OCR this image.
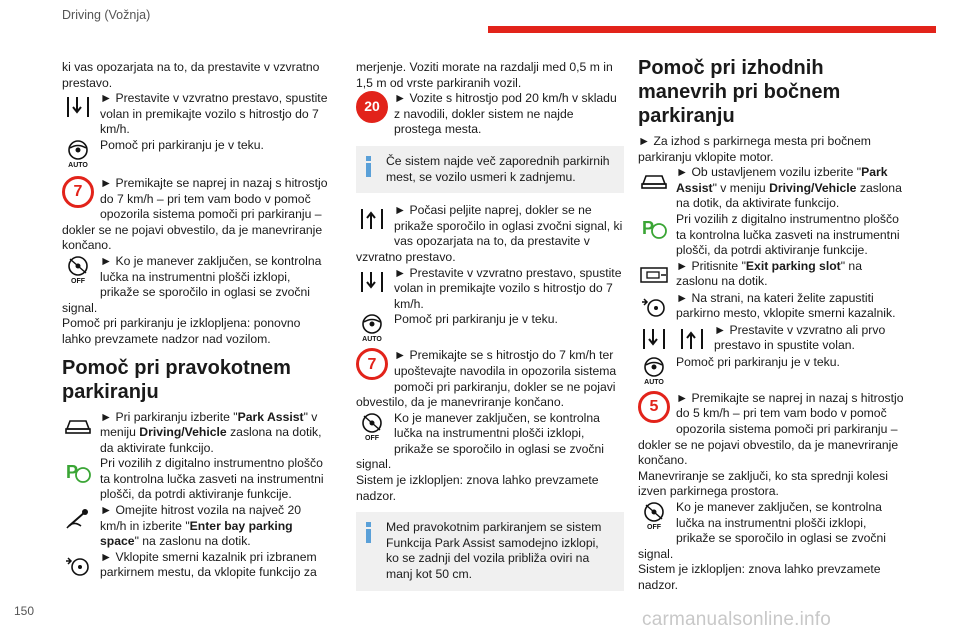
Driving (Vožnja)

ki vas opozarjata na to, da prestavite v vzvratno prestavo.

► Prestavite v vzvratno prestavo, spustite volan in premikajte vozilo s hitrostjo do 7 km/h.
AUTO
Pomoč pri parkiranju je v teku.
7
► Premikajte se naprej in nazaj s hitrostjo do 7 km/h – pri tem vam bodo v pomoč opozorila sistema pomoči pri parkiranju – dokler se ne pojavi obvestilo, da je manevriranje končano.
OFF
► Ko je manever zaključen, se kontrolna lučka na instrumentni plošči izklopi, prikaže se sporočilo in oglasi se zvočni signal.

Pomoč pri parkiranju je izklopljena: ponovno lahko prevzamete nadzor nad vozilom.

Pomoč pri pravokotnem parkiranju
► Pri parkiranju izberite "Park Assist" v meniju Driving/Vehicle zaslona na dotik, da aktivirate funkcijo.
P Pri vozilih z digitalno instrumentno ploščo ta kontrolna lučka zasveti na instrumentni plošči, da potrdi aktiviranje funkcije.
► Omejite hitrost vozila na največ 20 km/h in izberite "Enter bay parking space" na zaslonu na dotik.
► Vklopite smerni kazalnik pri izbranem parkirnem mestu, da vklopite funkcijo za

merjenje. Voziti morate na razdalji med 0,5 m in 1,5 m od vrste parkiranih vozil.

20
► Vozite s hitrostjo pod 20 km/h v skladu z navodili, dokler sistem ne najde prostega mesta.
Če sistem najde več zaporednih parkirnih mest, se vozilo usmeri k zadnjemu.
► Počasi peljite naprej, dokler se ne prikaže sporočilo in oglasi zvočni signal, ki vas opozarjata na to, da prestavite v vzvratno prestavo.
► Prestavite v vzvratno prestavo, spustite volan in premikajte vozilo s hitrostjo do 7 km/h.
AUTO
Pomoč pri parkiranju je v teku.
7
► Premikajte se s hitrostjo do 7 km/h ter upoštevajte navodila in opozorila sistema pomoči pri parkiranju, dokler se ne pojavi obvestilo, da je manevriranje končano.
OFF
Ko je manever zaključen, se kontrolna lučka na instrumentni plošči izklopi, prikaže se sporočilo in oglasi se zvočni signal.

Sistem je izklopljen: znova lahko prevzamete nadzor.

Med pravokotnim parkiranjem se sistem Funkcija Park Assist samodejno izklopi, ko se zadnji del vozila približa oviri na manj kot 50 cm.
Pomoč pri izhodnih manevrih pri bočnem parkiranju

► Za izhod s parkirnega mesta pri bočnem parkiranju vklopite motor.

► Ob ustavljenem vozilu izberite "Park Assist" v meniju Driving/Vehicle zaslona na dotik, da aktivirate funkcijo.
P Pri vozilih z digitalno instrumentno ploščo ta kontrolna lučka zasveti na instrumentni plošči, da potrdi aktiviranje funkcije.
► Pritisnite "Exit parking slot" na zaslonu na dotik.
► Na strani, na kateri želite zapustiti parkirno mesto, vklopite smerni kazalnik.
► Prestavite v vzvratno ali prvo prestavo in spustite volan.
AUTO
Pomoč pri parkiranju je v teku.
5
► Premikajte se naprej in nazaj s hitrostjo do 5 km/h – pri tem vam bodo v pomoč opozorila sistema pomoči pri parkiranju – dokler se ne pojavi obvestilo, da je manevriranje končano.

Manevriranje se zaključi, ko sta sprednji kolesi izven parkirnega prostora.

OFF
Ko je manever zaključen, se kontrolna lučka na instrumentni plošči izklopi, prikaže se sporočilo in oglasi se zvočni signal.

Sistem je izklopljen: znova lahko prevzamete nadzor.

150	carmanualsonline.info
